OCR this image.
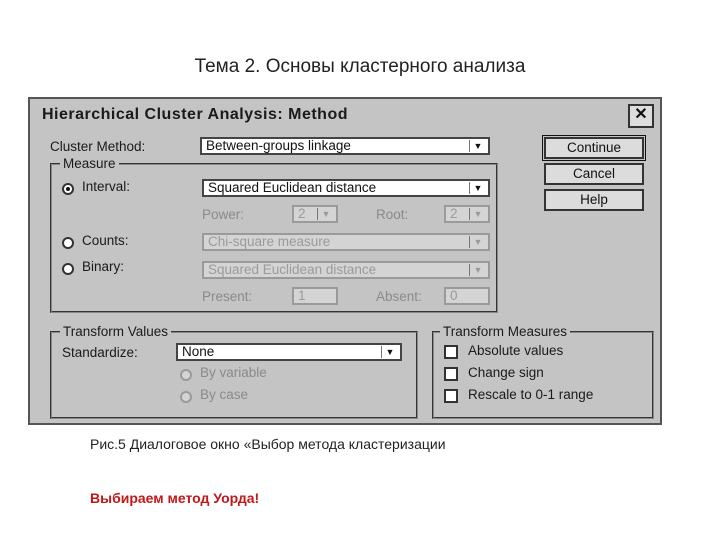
Тема 2. Основы кластерного анализа
Hierarchical Cluster Analysis: Method	✕
Cluster Method:	Between-groups linkage	▼	Continue
Cancel
Help
Measure
Interval:	Squared Euclidean distance	▼
Power:	2	▼	Root:	2	▼
Counts:	Chi-square measure	▼
Binary:	Squared Euclidean distance	▼
Present:	1	Absent:	0
Transform Values
Standardize:	None	▼
By variable
By case
Transform Measures
Absolute values
Change sign
Rescale to 0-1 range
Рис.5 Диалоговое окно «Выбор метода кластеризации
Выбираем метод Уорда!
